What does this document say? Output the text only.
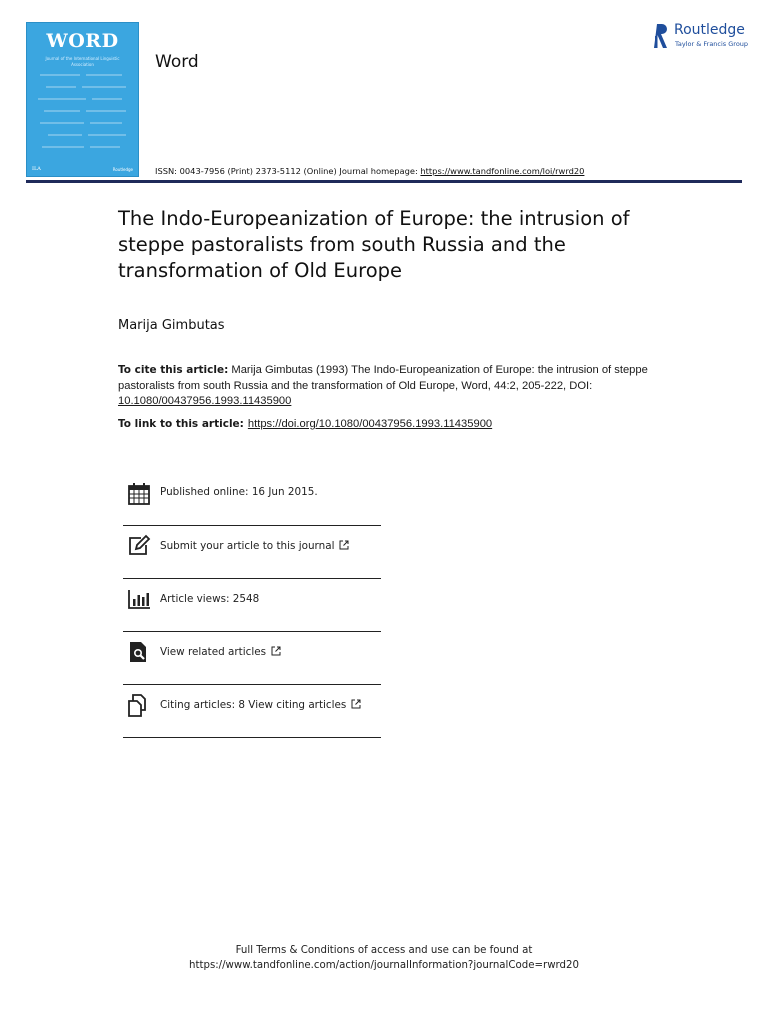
WORD
Journal of the International Linguistic Association
ILA	Routledge
Word
Routledge
Taylor & Francis Group
ISSN: 0043-7956 (Print) 2373-5112 (Online) Journal homepage: https://www.tandfonline.com/loi/rwrd20
The Indo-Europeanization of Europe: the intrusion of steppe pastoralists from south Russia and the transformation of Old Europe
Marija Gimbutas
To cite this article: Marija Gimbutas (1993) The Indo-Europeanization of Europe: the intrusion of steppe pastoralists from south Russia and the transformation of Old Europe, Word, 44:2, 205-222, DOI: 10.1080/00437956.1993.11435900
To link to this article: https://doi.org/10.1080/00437956.1993.11435900
Published online: 16 Jun 2015.
Submit your article to this journal
Article views: 2548
View related articles
Citing articles: 8 View citing articles
Full Terms & Conditions of access and use can be found at
https://www.tandfonline.com/action/journalInformation?journalCode=rwrd20
